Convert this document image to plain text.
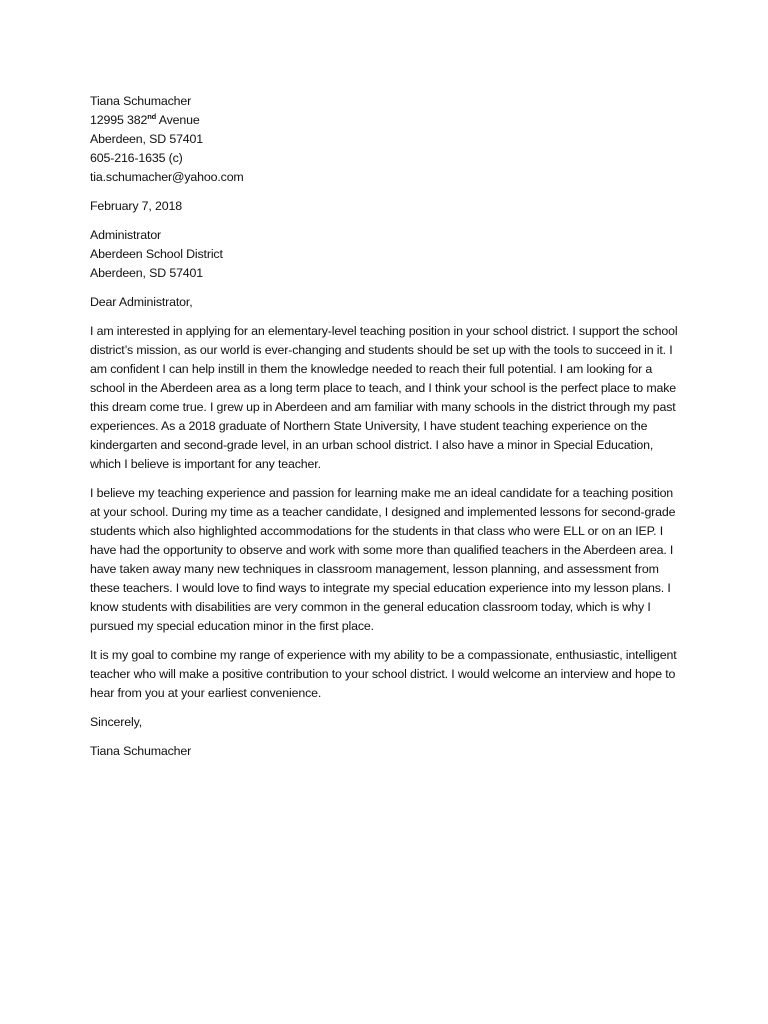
Tiana Schumacher
12995 382nd Avenue
Aberdeen, SD 57401
605-216-1635 (c)
tia.schumacher@yahoo.com
February 7, 2018
Administrator
Aberdeen School District
Aberdeen, SD 57401
Dear Administrator,
I am interested in applying for an elementary-level teaching position in your school district. I support the school district’s mission, as our world is ever-changing and students should be set up with the tools to succeed in it. I am confident I can help instill in them the knowledge needed to reach their full potential. I am looking for a school in the Aberdeen area as a long term place to teach, and I think your school is the perfect place to make this dream come true. I grew up in Aberdeen and am familiar with many schools in the district through my past experiences. As a 2018 graduate of Northern State University, I have student teaching experience on the kindergarten and second-grade level, in an urban school district. I also have a minor in Special Education, which I believe is important for any teacher.
I believe my teaching experience and passion for learning make me an ideal candidate for a teaching position at your school. During my time as a teacher candidate, I designed and implemented lessons for second-grade students which also highlighted accommodations for the students in that class who were ELL or on an IEP. I have had the opportunity to observe and work with some more than qualified teachers in the Aberdeen area. I have taken away many new techniques in classroom management, lesson planning, and assessment from these teachers. I would love to find ways to integrate my special education experience into my lesson plans. I know students with disabilities are very common in the general education classroom today, which is why I pursued my special education minor in the first place.
It is my goal to combine my range of experience with my ability to be a compassionate, enthusiastic, intelligent teacher who will make a positive contribution to your school district. I would welcome an interview and hope to hear from you at your earliest convenience.
Sincerely,
Tiana Schumacher
